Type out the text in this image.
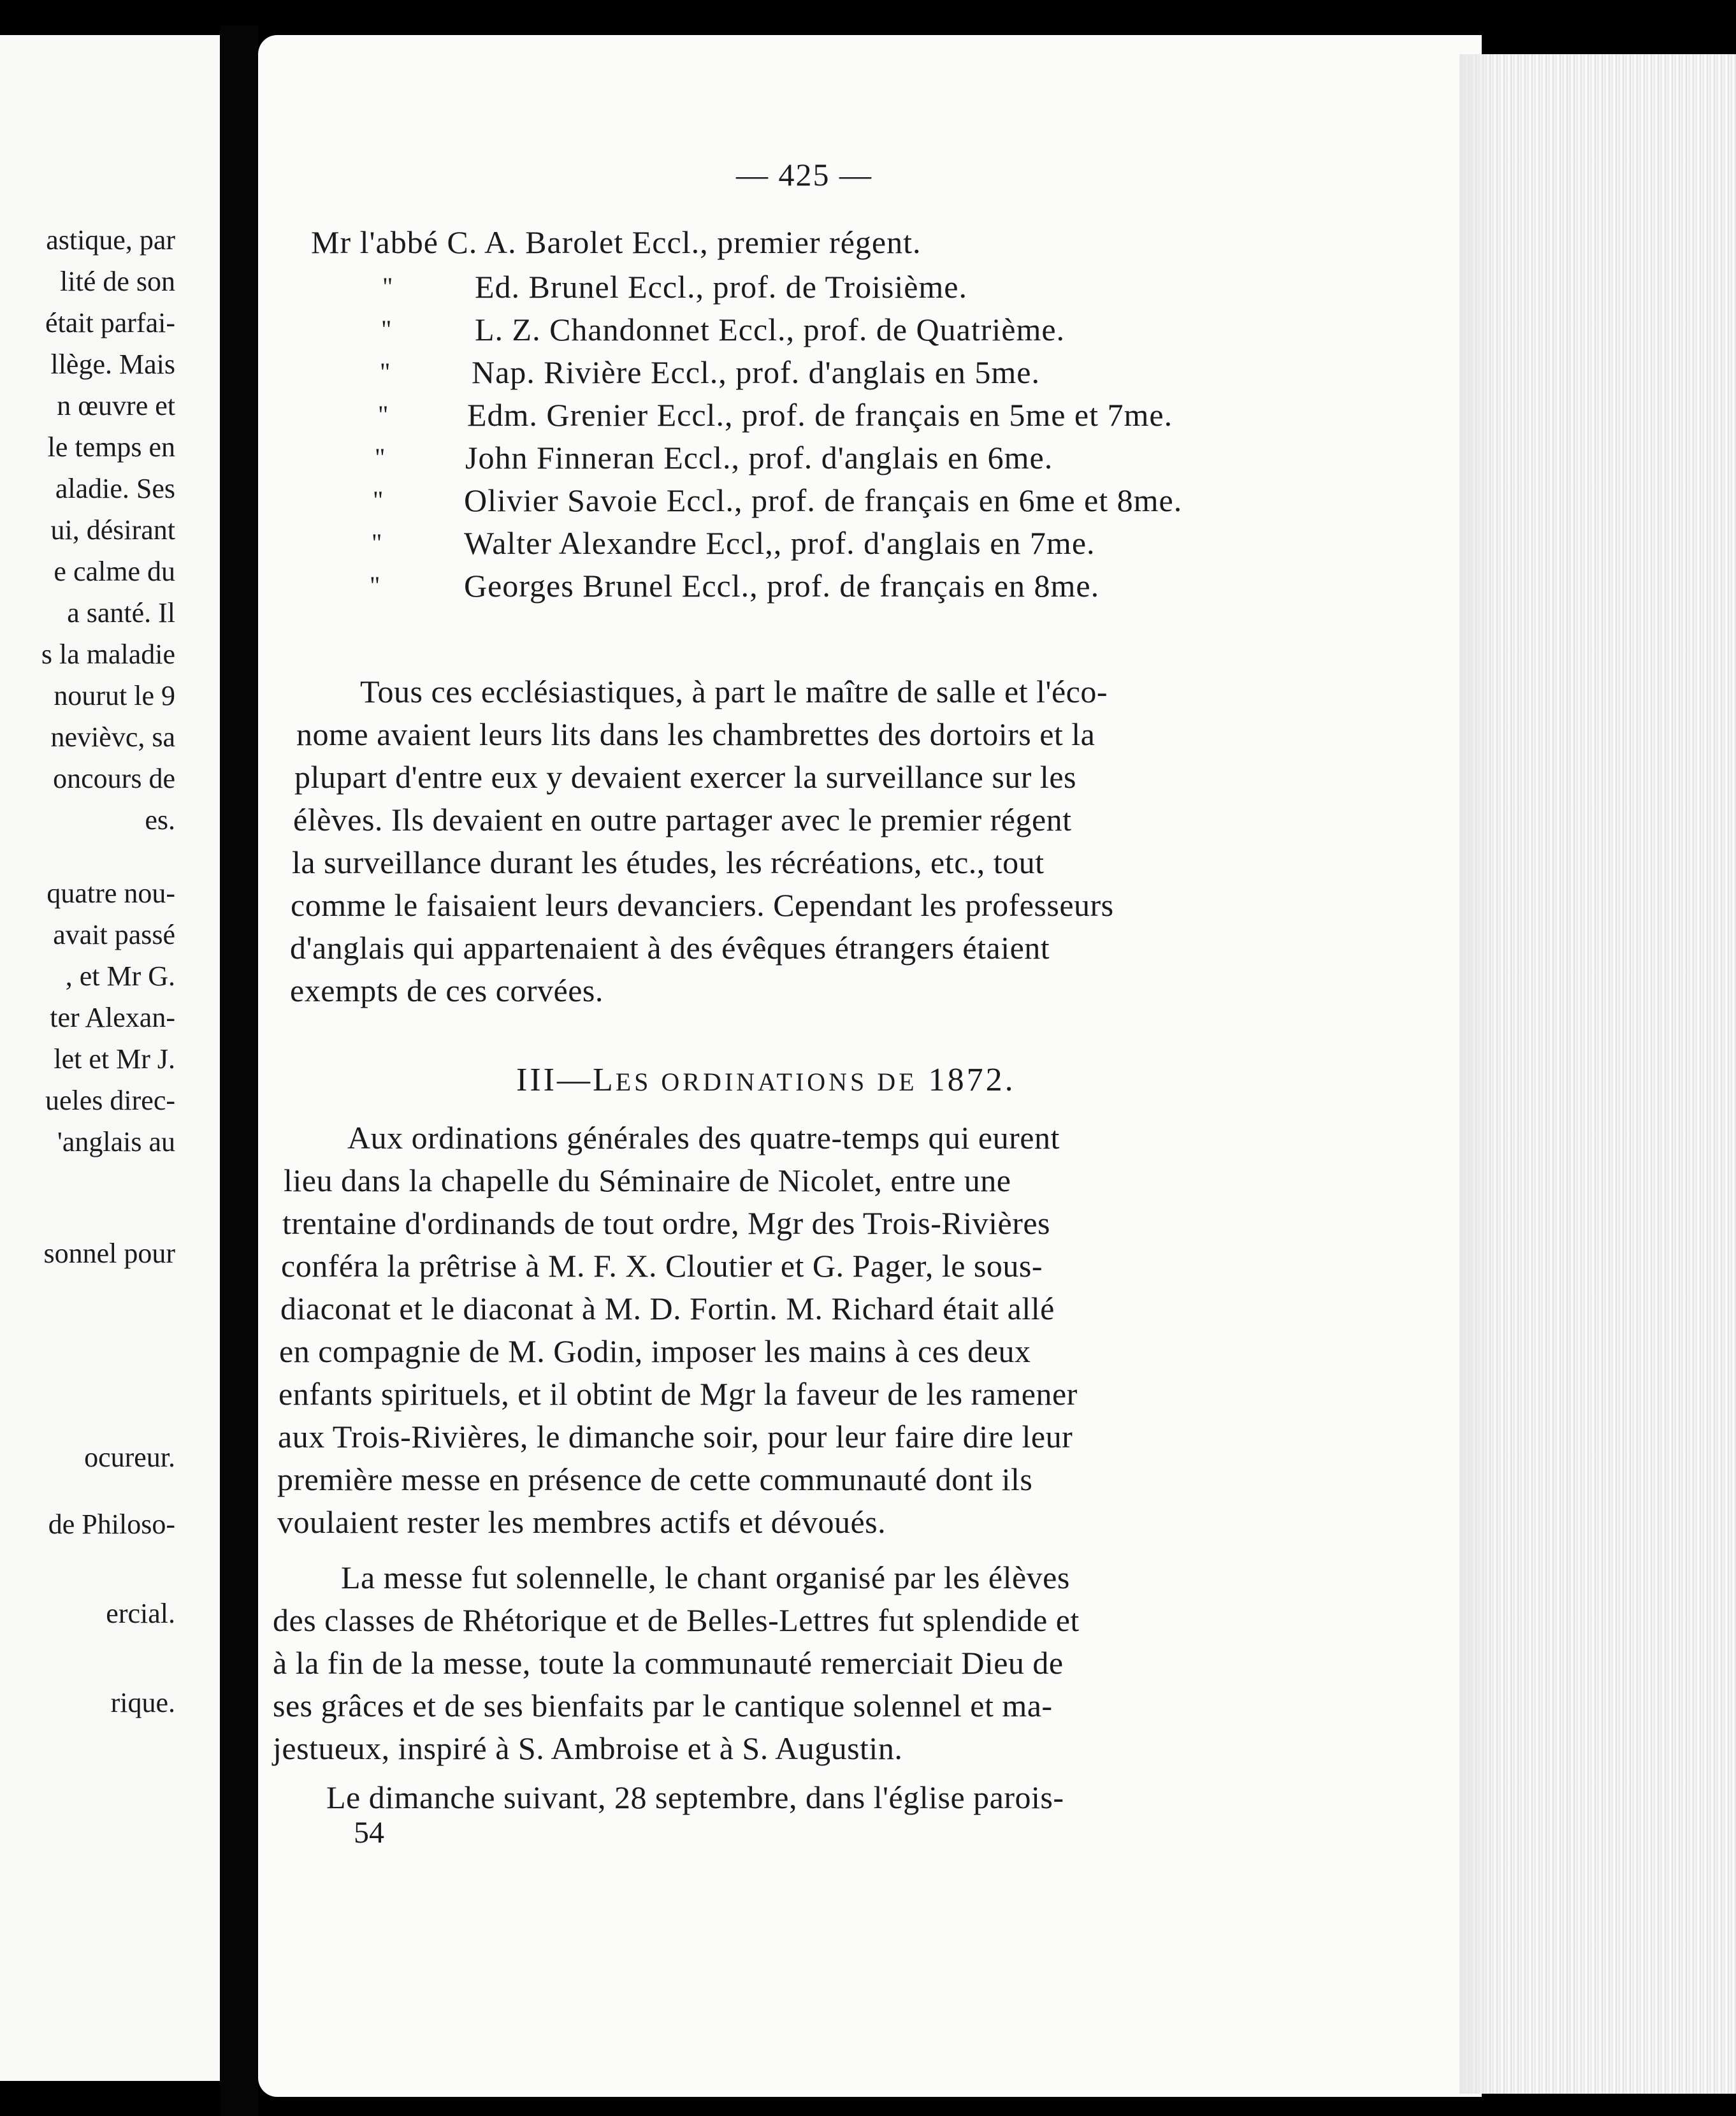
astique, par
lité de son
était parfai-
llège. Mais
n œuvre et
le temps en
aladie. Ses
ui, désirant
e calme du
a santé. Il
s la maladie
nourut le 9
nevièvc, sa
oncours de
es.
quatre nou-
avait passé
, et Mr G.
ter Alexan-
let et Mr J.
ueles direc-
'anglais au
sonnel pour
ocureur.
de Philoso-
ercial.
rique.
— 425 —
Mr l'abbé C. A. Barolet Eccl., premier régent.
"	Ed. Brunel Eccl., prof. de Troisième.
"	L. Z. Chandonnet Eccl., prof. de Quatrième.
"	Nap. Rivière Eccl., prof. d'anglais en 5me.
" Edm. Grenier Eccl., prof. de français en 5me et 7me.
"	John Finneran Eccl., prof. d'anglais en 6me.
"	Olivier Savoie Eccl., prof. de français en 6me et 8me.
"	Walter Alexandre Eccl,, prof. d'anglais en 7me.
"	Georges Brunel Eccl., prof. de français en 8me.
Tous ces ecclésiastiques, à part le maître de salle et l'éco-
nome avaient leurs lits dans les chambrettes des dortoirs et la
plupart d'entre eux y devaient exercer la surveillance sur les
élèves. Ils devaient en outre partager avec le premier régent
la surveillance durant les études, les récréations, etc., tout
comme le faisaient leurs devanciers. Cependant les professeurs
d'anglais qui appartenaient à des évêques étrangers étaient
exempts de ces corvées.
III—LES ORDINATIONS DE 1872.
Aux ordinations générales des quatre-temps qui eurent
lieu dans la chapelle du Séminaire de Nicolet, entre une
trentaine d'ordinands de tout ordre, Mgr des Trois-Rivières
conféra la prêtrise à M. F. X. Cloutier et G. Pager, le sous-
diaconat et le diaconat à M. D. Fortin. M. Richard était allé
en compagnie de M. Godin, imposer les mains à ces deux
enfants spirituels, et il obtint de Mgr la faveur de les ramener
aux Trois-Rivières, le dimanche soir, pour leur faire dire leur
première messe en présence de cette communauté dont ils
voulaient rester les membres actifs et dévoués.
La messe fut solennelle, le chant organisé par les élèves
des classes de Rhétorique et de Belles-Lettres fut splendide et
à la fin de la messe, toute la communauté remerciait Dieu de
ses grâces et de ses bienfaits par le cantique solennel et ma-
jestueux, inspiré à S. Ambroise et à S. Augustin.
Le dimanche suivant, 28 septembre, dans l'église parois-
54
